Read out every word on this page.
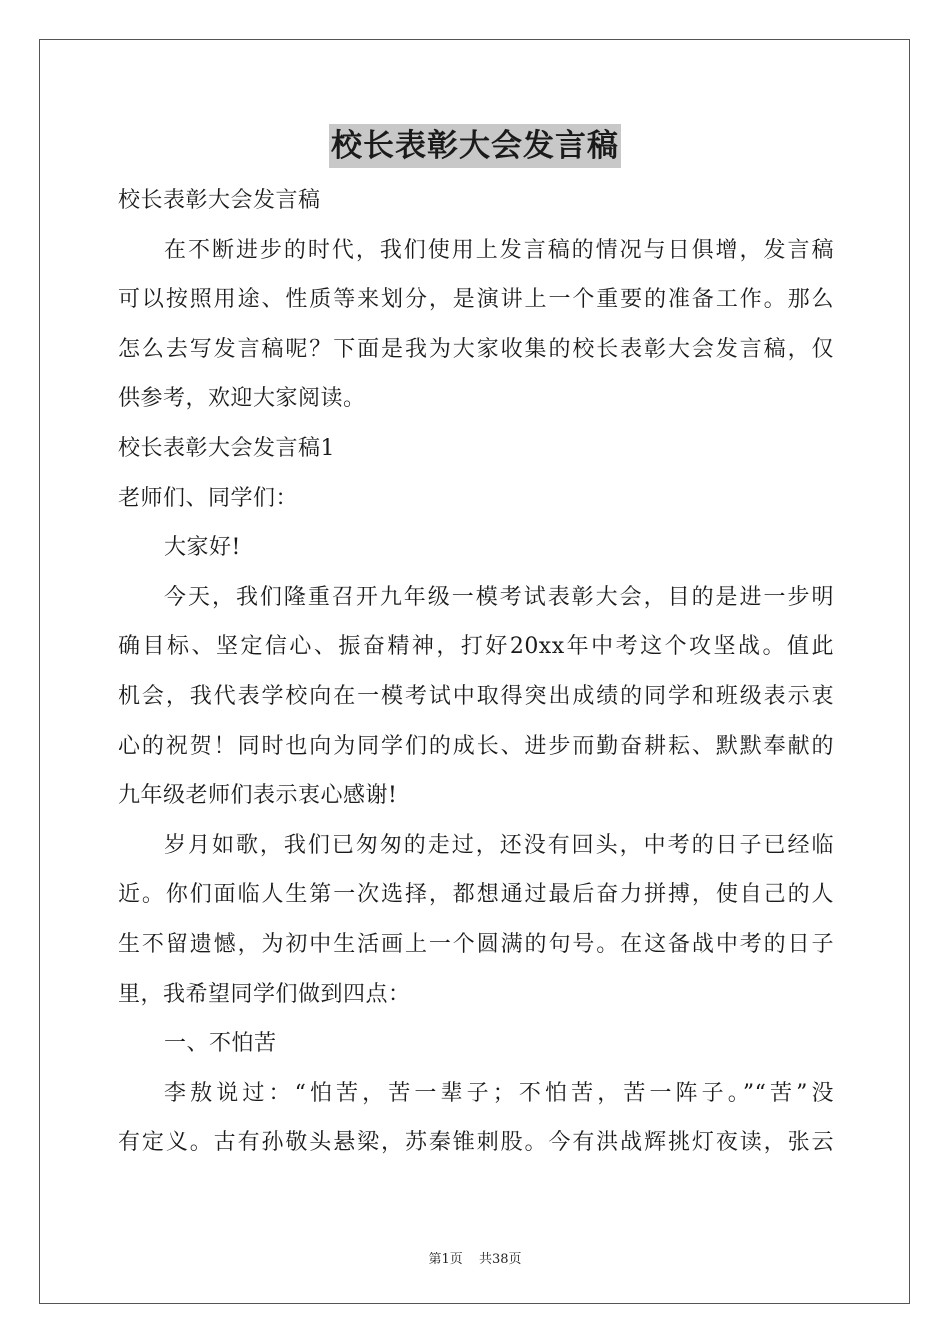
校长表彰大会发言稿
校长表彰大会发言稿
在不断进步的时代，我们使用上发言稿的情况与日俱增，发言稿
可以按照用途、性质等来划分，是演讲上一个重要的准备工作。那么
怎么去写发言稿呢？下面是我为大家收集的校长表彰大会发言稿，仅
供参考，欢迎大家阅读。
校长表彰大会发言稿1
老师们、同学们：
大家好!
今天，我们隆重召开九年级一模考试表彰大会，目的是进一步明
确目标、坚定信心、振奋精神，打好20xx年中考这个攻坚战。值此
机会，我代表学校向在一模考试中取得突出成绩的同学和班级表示衷
心的祝贺！同时也向为同学们的成长、进步而勤奋耕耘、默默奉献的
九年级老师们表示衷心感谢!
岁月如歌，我们已匆匆的走过，还没有回头，中考的日子已经临
近。你们面临人生第一次选择，都想通过最后奋力拼搏，使自己的人
生不留遗憾，为初中生活画上一个圆满的句号。在这备战中考的日子
里，我希望同学们做到四点：
一、不怕苦
李敖说过：“怕苦，苦一辈子；不怕苦，苦一阵子。”“苦”没
有定义。古有孙敬头悬梁，苏秦锥刺股。今有洪战辉挑灯夜读，张云
第1页 共38页
